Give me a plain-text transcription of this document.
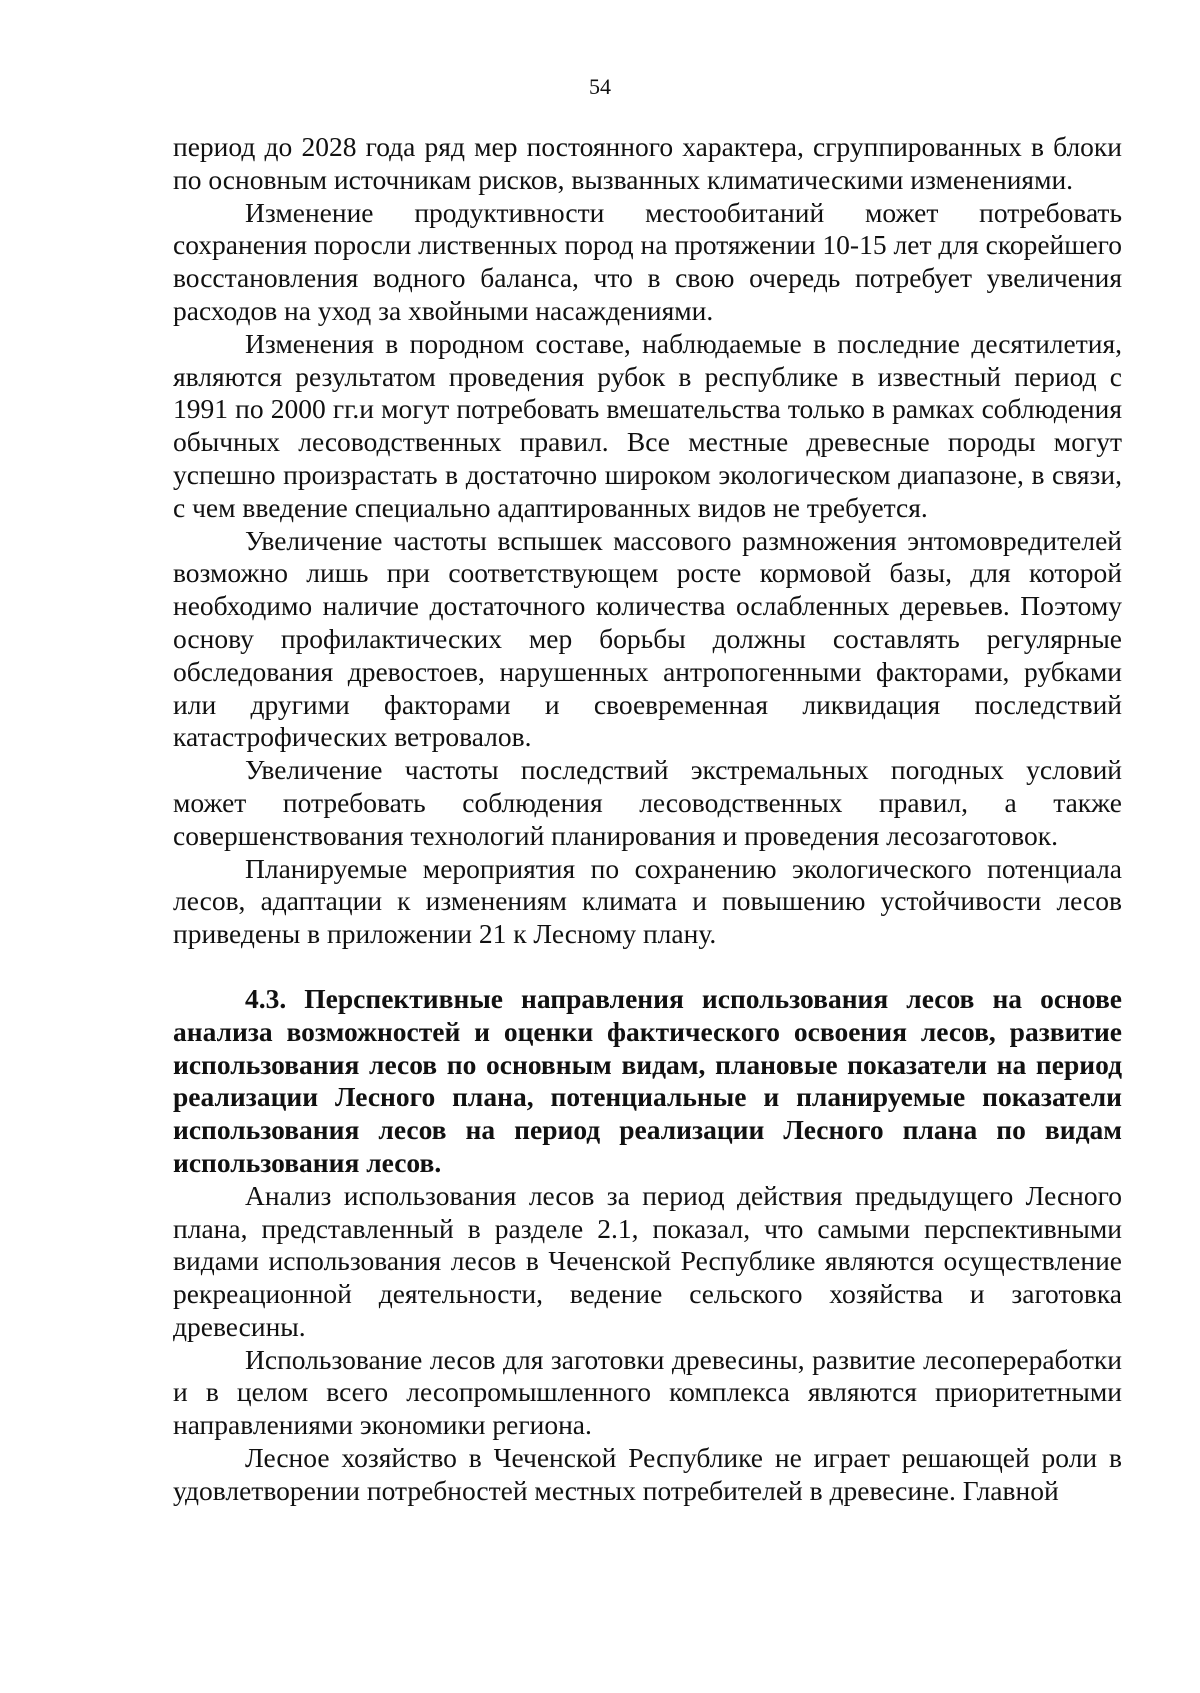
54

период до 2028 года ряд мер постоянного характера, сгруппированных в блоки по основным источникам рисков, вызванных климатическими изменениями.

Изменение продуктивности местообитаний может потребовать сохранения поросли лиственных пород на протяжении 10-15 лет для скорейшего восстановления водного баланса, что в свою очередь потребует увеличения расходов на уход за хвойными насаждениями.

Изменения в породном составе, наблюдаемые в последние десятилетия, являются результатом проведения рубок в республике в известный период с 1991 по 2000 гг.и могут потребовать вмешательства только в рамках соблюдения обычных лесоводственных правил. Все местные древесные породы могут успешно произрастать в достаточно широком экологическом диапазоне, в связи, с чем введение специально адаптированных видов не требуется.

Увеличение частоты вспышек массового размножения энтомовредителей возможно лишь при соответствующем росте кормовой базы, для которой необходимо наличие достаточного количества ослабленных деревьев. Поэтому основу профилактических мер борьбы должны составлять регулярные обследования древостоев, нарушенных антропогенными факторами, рубками или другими факторами и своевременная ликвидация последствий катастрофических ветровалов.

Увеличение частоты последствий экстремальных погодных условий может потребовать соблюдения лесоводственных правил, а также совершенствования технологий планирования и проведения лесозаготовок.

Планируемые мероприятия по сохранению экологического потенциала лесов, адаптации к изменениям климата и повышению устойчивости лесов приведены в приложении 21 к Лесному плану.

4.3. Перспективные направления использования лесов на основе анализа возможностей и оценки фактического освоения лесов, развитие использования лесов по основным видам, плановые показатели на период реализации Лесного плана, потенциальные и планируемые показатели использования лесов на период реализации Лесного плана по видам использования лесов.

Анализ использования лесов за период действия предыдущего Лесного плана, представленный в разделе 2.1, показал, что самыми перспективными видами использования лесов в Чеченской Республике являются осуществление рекреационной деятельности, ведение сельского хозяйства и заготовка древесины.

Использование лесов для заготовки древесины, развитие лесопереработки и в целом всего лесопромышленного комплекса являются приоритетными направлениями экономики региона.

Лесное хозяйство в Чеченской Республике не играет решающей роли в удовлетворении потребностей местных потребителей в древесине. Главной
